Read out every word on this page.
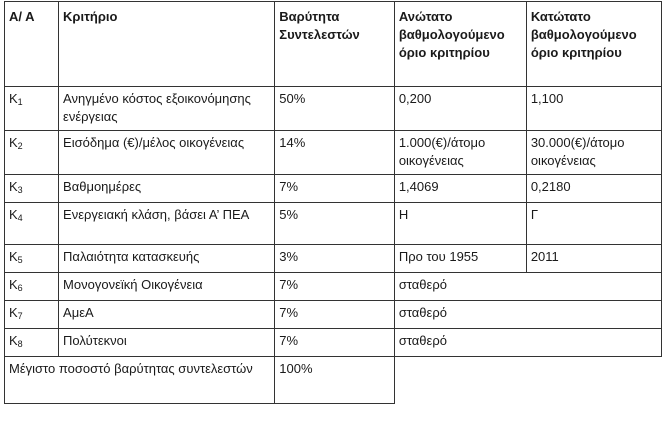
Α/ Α	Κριτήριο	Βαρύτητα Συντελεστών	Ανώτατο βαθμολογούμενο όριο κριτηρίου	Κατώτατο βαθμολογούμενο όριο κριτηρίου
$K_1$	Ανηγμένο κόστος εξοικονόμησης ενέργειας	50%	0,200	1,100
$K_2$	Εισόδημα (€)/μέλος οικογένειας	14%	1.000(€)/άτομο οικογένειας	30.000(€)/άτομο οικογένειας
$K_3$	Βαθμοημέρες	7%	1,4069	0,2180
$K_4$	Ενεργειακή κλάση, βάσει Α’ ΠΕΑ	5%	Η	Γ
$K_5$	Παλαιότητα κατασκευής	3%	Προ του 1955	2011
$K_6$	Μονογονεϊκή Οικογένεια	7%	σταθερό	
$K_7$	ΑμεΑ	7%	σταθερό	
$K_8$	Πολύτεκνοι	7%	σταθερό	
Μέγιστο ποσοστό βαρύτητας συντελεστών		100%		
